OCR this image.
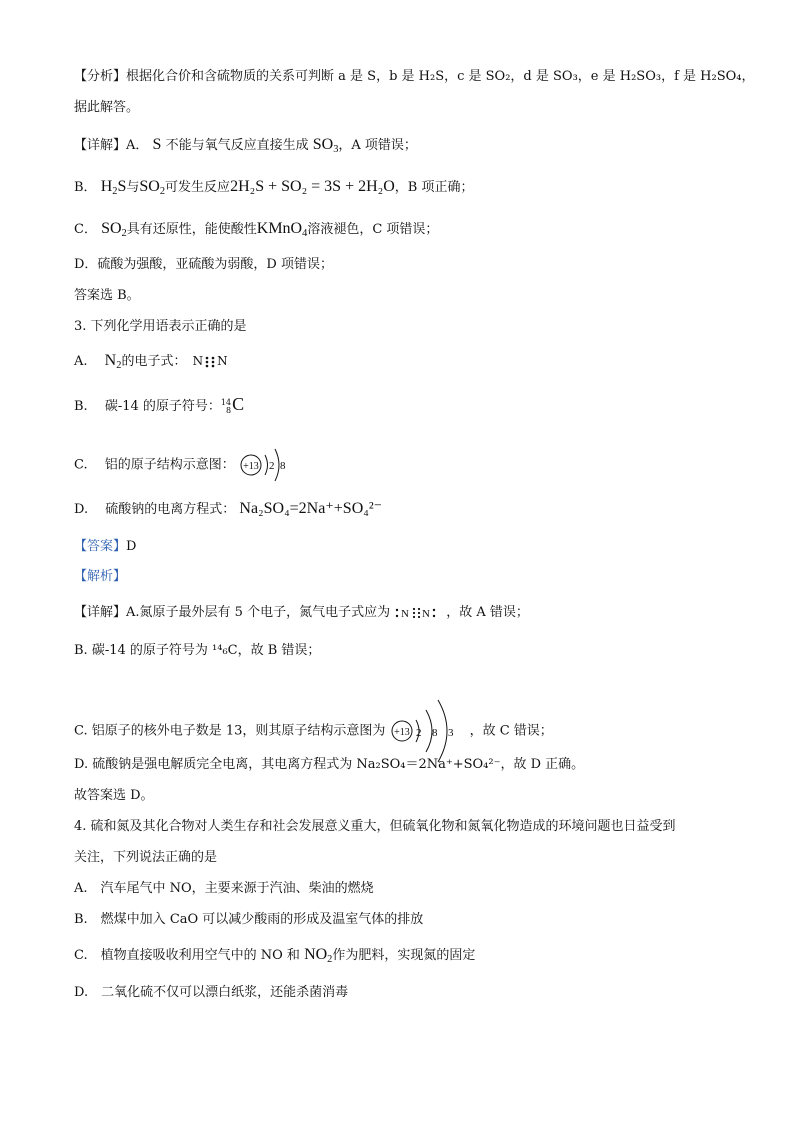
【分析】根据化合价和含硫物质的关系可判断 a 是 S，b 是 H₂S，c 是 SO₂，d 是 SO₃，e 是 H₂SO₃，f 是 H₂SO₄，
据此解答。
【详解】A． S 不能与氧气反应直接生成 $SO_3$，A 项错误；
B． $H_2S$与$SO_2$可发生反应2H₂S + SO₂ = 3S + 2H₂O，B 项正确；
C． $SO_2$具有还原性，能使酸性KMnO$_4$溶液褪色，C 项错误；
D．硫酸为强酸，亚硫酸为弱酸，D 项错误；
答案选 B。
3. 下列化学用语表示正确的是
A.　 $N_2$的电子式： N N
B.　 碳-14 的原子符号： 14
8 C
C.　 铝的原子结构示意图： +13 2 8
D.　 硫酸钠的电离方程式： Na₂SO₄=2Na⁺+SO₄²⁻
【答案】D
【解析】
【详解】A.氮原子最外层有 5 个电子，氮气电子式应为 N N ，故 A 错误；
B. 碳-14 的原子符号为 ¹⁴₆C，故 B 错误；
C. 铝原子的核外电子数是 13，则其原子结构示意图为 +13 2 8 3 ，故 C 错误；
D. 硫酸钠是强电解质完全电离，其电离方程式为 Na₂SO₄＝2Na⁺+SO₄²⁻，故 D 正确。
故答案选 D。
4. 硫和氮及其化合物对人类生存和社会发展意义重大，但硫氧化物和氮氧化物造成的环境问题也日益受到
关注，下列说法正确的是
A.　汽车尾气中 NO，主要来源于汽油、柴油的燃烧
B.　燃煤中加入 CaO 可以减少酸雨的形成及温室气体的排放
C.　植物直接吸收利用空气中的 NO 和 $NO_2$作为肥料，实现氮的固定
D.　二氧化硫不仅可以漂白纸浆，还能杀菌消毒
